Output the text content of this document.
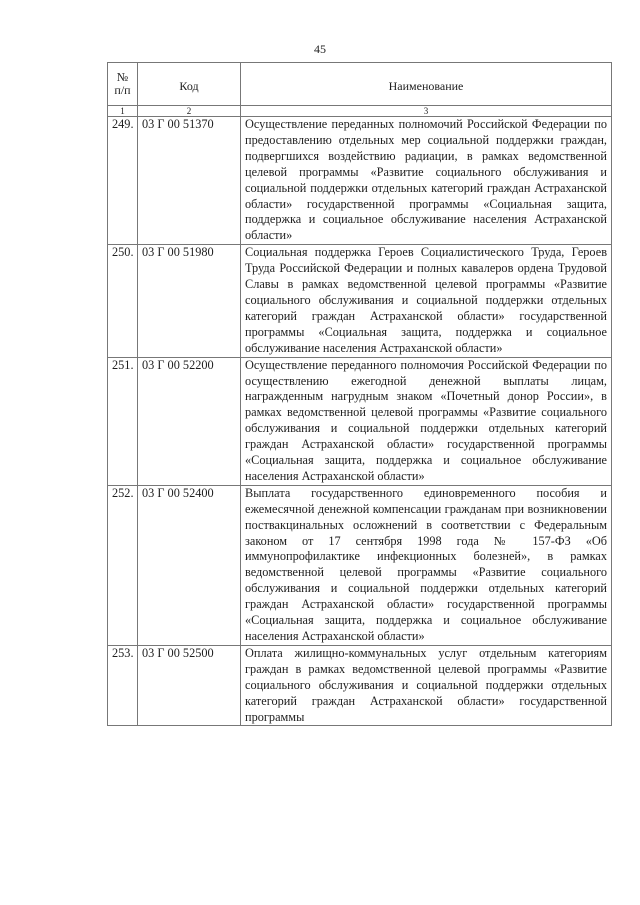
45
№
п/п	Код	Наименование
1	2	3
249.	03 Г 00 51370	Осуществление переданных полномочий Российской Федерации по предоставлению отдельных мер социальной поддержки граждан, подвергшихся воздействию радиации, в рамках ведомственной целевой программы «Развитие социального обслуживания и социальной поддержки отдельных категорий граждан Астраханской области» государственной программы «Социальная защита, поддержка и социальное обслуживание населения Астраханской области»
250.	03 Г 00 51980	Социальная поддержка Героев Социалистического Труда, Героев Труда Российской Федерации и полных кавалеров ордена Трудовой Славы в рамках ведомственной целевой программы «Развитие социального обслуживания и социальной поддержки отдельных категорий граждан Астраханской области» государственной программы «Социальная защита, поддержка и социальное обслуживание населения Астраханской области»
251.	03 Г 00 52200	Осуществление переданного полномочия Российской Федерации по осуществлению ежегодной денежной выплаты лицам, награжденным нагрудным знаком «Почетный донор России», в рамках ведомственной целевой программы «Развитие социального обслуживания и социальной поддержки отдельных категорий граждан Астраханской области» государственной программы «Социальная защита, поддержка и социальное обслуживание населения Астраханской области»
252.	03 Г 00 52400	Выплата государственного единовременного пособия и ежемесячной денежной компенсации гражданам при возникновении поствакцинальных осложнений в соответствии с Федеральным законом от 17 сентября 1998 года № 157-ФЗ «Об иммунопрофилактике инфекционных болезней», в рамках ведомственной целевой программы «Развитие социального обслуживания и социальной поддержки отдельных категорий граждан Астраханской области» государственной программы «Социальная защита, поддержка и социальное обслуживание населения Астраханской области»
253.	03 Г 00 52500	Оплата жилищно-коммунальных услуг отдельным категориям граждан в рамках ведомственной целевой программы «Развитие социального обслуживания и социальной поддержки отдельных категорий граждан Астраханской области» государственной программы
